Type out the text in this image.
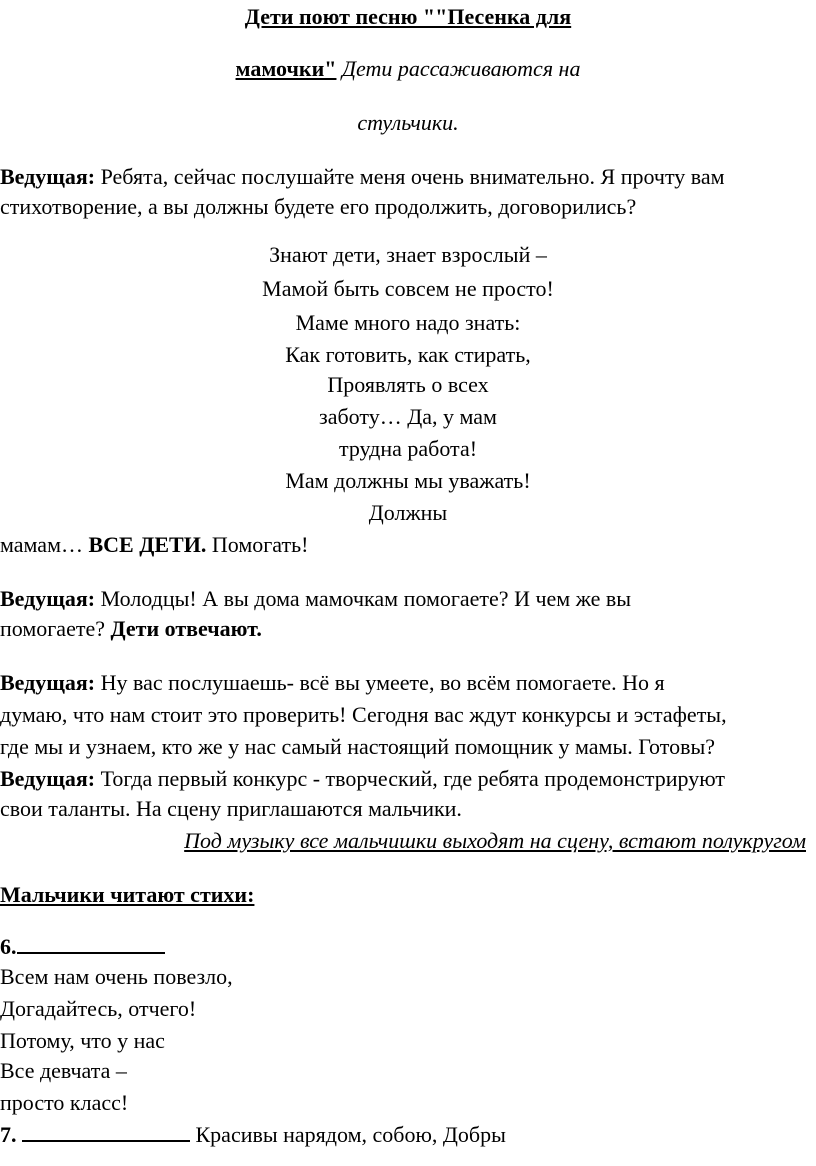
Дети поют песню ""Песенка для
мамочки" Дети рассаживаются на
стульчики.
Ведущая: Ребята, сейчас послушайте меня очень внимательно. Я прочту вам
стихотворение, а вы должны будете его продолжить, договорились?
Знают дети, знает взрослый –
Мамой быть совсем не просто!
Маме много надо знать:
Как готовить, как стирать,
Проявлять о всех
заботу… Да, у мам
трудна работа!
Мам должны мы уважать!
Должны
мамам… ВСЕ ДЕТИ. Помогать!
Ведущая: Молодцы! А вы дома мамочкам помогаете? И чем же вы
помогаете? Дети отвечают.
Ведущая: Ну вас послушаешь- всё вы умеете, во всём помогаете. Но я
думаю, что нам стоит это проверить! Сегодня вас ждут конкурсы и эстафеты,
где мы и узнаем, кто же у нас самый настоящий помощник у мамы. Готовы?
Ведущая: Тогда первый конкурс - творческий, где ребята продемонстрируют
свои таланты. На сцену приглашаются мальчики.
Под музыку все мальчишки выходят на сцену, встают полукругом
Мальчики читают стихи:
6.
Всем нам очень повезло,
Догадайтесь, отчего!
Потому, что у нас
Все девчата –
просто класс!
7.	Красивы нарядом, собою, Добры
